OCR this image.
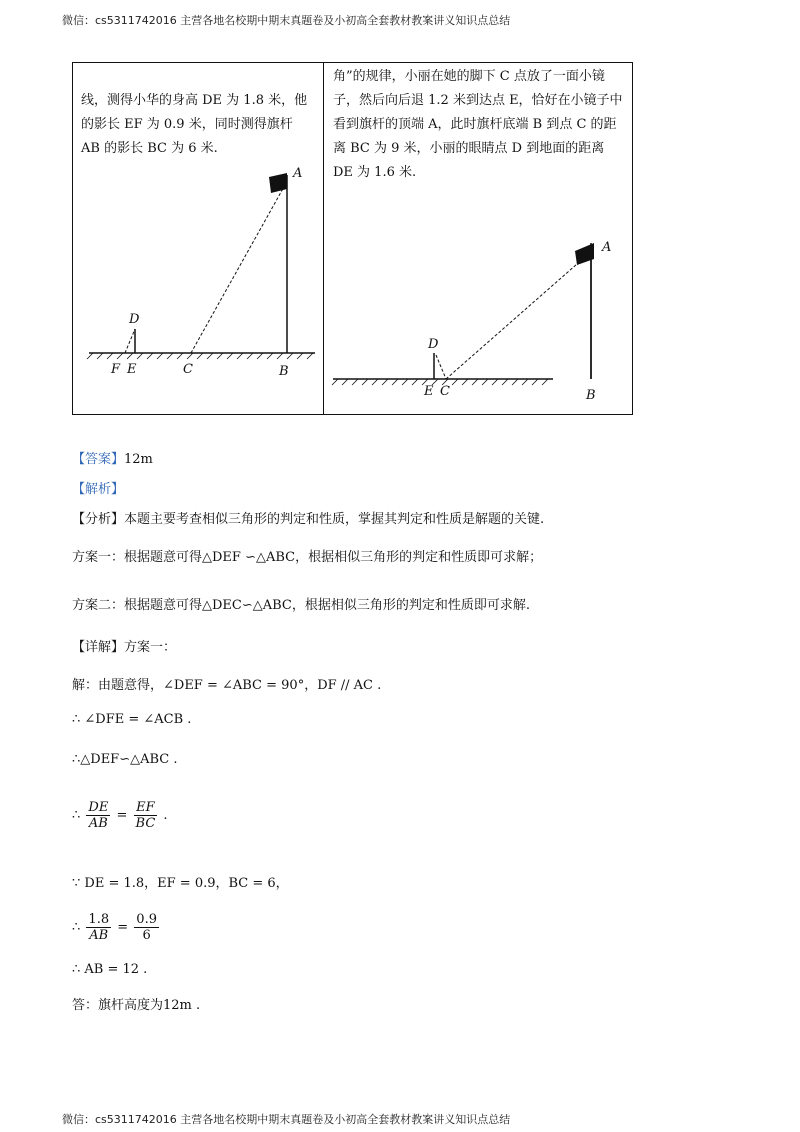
微信：cs5311742016 主营各地名校期中期末真题卷及小初高全套教材教案讲义知识点总结
线，测得小华的身高 DE 为 1.8 米，他的影长 EF 为 0.9 米，同时测得旗杆 AB 的影长 BC 为 6 米.
A
D
F E	C	B
角”的规律，小丽在她的脚下 C 点放了一面小镜子，然后向后退 1.2 米到达点 E，恰好在小镜子中看到旗杆的顶端 A，此时旗杆底端 B 到点 C 的距离 BC 为 9 米，小丽的眼睛点 D 到地面的距离 DE 为 1.6 米.
A
D
E C	B
【答案】12m
【解析】
【分析】本题主要考查相似三角形的判定和性质，掌握其判定和性质是解题的关键.
方案一：根据题意可得△DEF ∽△ABC，根据相似三角形的判定和性质即可求解；
方案二：根据题意可得△DEC∽△ABC，根据相似三角形的判定和性质即可求解.
【详解】方案一：
解：由题意得，∠DEF = ∠ABC = 90°，DF // AC .
∴ ∠DFE = ∠ACB .
∴△DEF∽△ABC .
∴ $\frac{DE}{AB} = \frac{EF}{BC}$ .
∵ DE = 1.8，EF = 0.9，BC = 6，
∴ $\frac{1.8}{AB} = \frac{0.9}{6}$
∴ AB = 12 .
答：旗杆高度为12m .
微信：cs5311742016 主营各地名校期中期末真题卷及小初高全套教材教案讲义知识点总结
